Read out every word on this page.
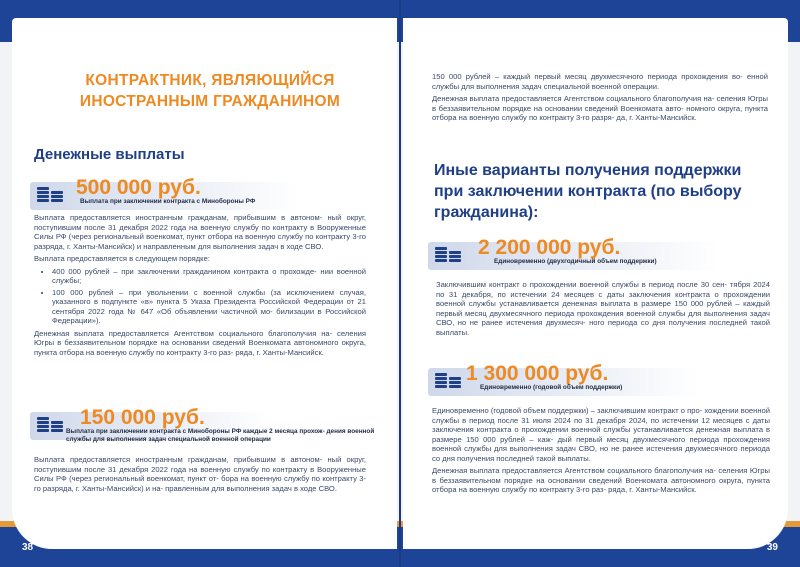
КОНТРАКТНИК, ЯВЛЯЮЩИЙСЯ
ИНОСТРАННЫМ ГРАЖДАНИНОМ
Денежные выплаты
500 000 руб.
Выплата при заключении контракта с Минобороны РФ

Выплата предоставляется иностранным гражданам, прибывшим в автоном- ный округ, поступившим после 31 декабря 2022 года на военную службу по контракту в Вооруженные Силы РФ (через региональный военкомат, пункт отбора на военную службу по контракту 3-го разряда, г. Ханты-Мансийск) и направленным для выполнения задач в ходе СВО.

Выплата предоставляется в следующем порядке:

• 400 000 рублей – при заключении гражданином контракта о прохожде- нии военной службы;
• 100 000 рублей – при увольнении с военной службы (за исключением случая, указанного в подпункте «в» пункта 5 Указа Президента Российской Федерации от 21 сентября 2022 года № 647 «Об объявлении частичной мо- билизации в Российской Федерации»).

Денежная выплата предоставляется Агентством социального благополучия на- селения Югры в беззаявительном порядке на основании сведений Военкомата автономного округа, пункта отбора на военную службу по контракту 3-го раз- ряда, г. Ханты-Мансийск.

150 000 руб.
Выплата при заключении контракта с Минобороны РФ каждые 2 месяца прохож- дения военной службы для выполнения задач специальной военной операции

Выплата предоставляется иностранным гражданам, прибывшим в автоном- ный округ, поступившим после 31 декабря 2022 года на военную службу по контракту в Вооруженные Силы РФ (через региональный военкомат, пункт от- бора на военную службу по контракту 3-го разряда, г. Ханты-Мансийск) и на- правленным для выполнения задач в ходе СВО.

38

150 000 рублей – каждый первый месяц двухмесячного периода прохождения во- енной службы для выполнения задач специальной военной операции.

Денежная выплата предоставляется Агентством социального благополучия на- селения Югры в беззаявительном порядке на основании сведений Военкомата авто- номного округа, пункта отбора на военную службу по контракту 3-го разря- да, г. Ханты-Мансийск.

Иные варианты получения поддержки
при заключении контракта (по выбору
гражданина):
2 200 000 руб.
Единовременно (двухгодичный объем поддержки)

Заключившим контракт о прохождении военной службы в период после 30 сен- тября 2024 по 31 декабря, по истечении 24 месяцев с даты заключения контракта о прохождении военной службы устанавливается денежная выплата в размере 150 000 рублей – каждый первый месяц двухмесячного периода прохождения военной службы для выполнения задач СВО, но не ранее истечения двухмесяч- ного периода со дня получения последней такой выплаты.

1 300 000 руб.
Единовременно (годовой объем поддержки)

Единовременно (годовой объем поддержки) – заключившим контракт о про- хождении военной службы в период после 31 июля 2024 по 31 декабря 2024, по истечении 12 месяцев с даты заключения контракта о прохождении военной службы устанавливается денежная выплата в размере 150 000 рублей – каж- дый первый месяц двухмесячного периода прохождения военной службы для выполнения задач СВО, но не ранее истечения двухмесячного периода со дня получения последней такой выплаты.

Денежная выплата предоставляется Агентством социального благополучия на- селения Югры в беззаявительном порядке на основании сведений Военкомата автономного округа, пункта отбора на военную службу по контракту 3-го раз- ряда, г. Ханты-Мансийск.

39
